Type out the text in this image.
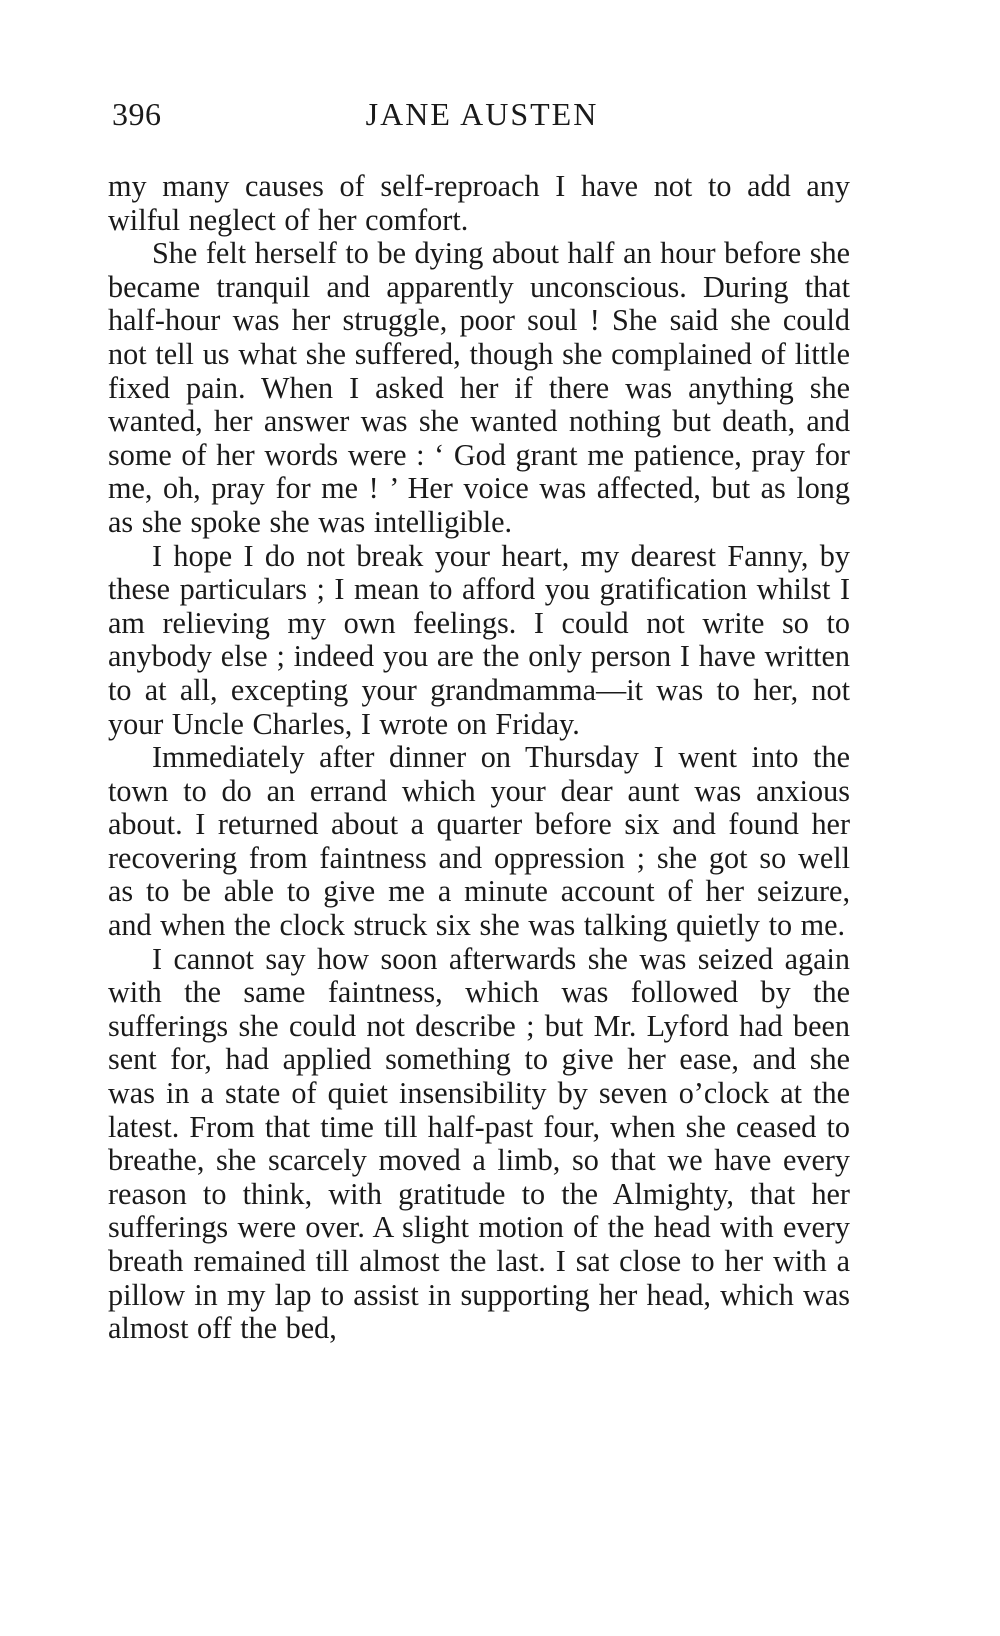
396	JANE AUSTEN

my many causes of self-reproach I have not to add any wilful neglect of her comfort.

She felt herself to be dying about half an hour before she became tranquil and apparently unconscious. During that half-hour was her struggle, poor soul ! She said she could not tell us what she suffered, though she complained of little fixed pain. When I asked her if there was anything she wanted, her answer was she wanted nothing but death, and some of her words were : ‘ God grant me patience, pray for me, oh, pray for me ! ’ Her voice was affected, but as long as she spoke she was intelligible.

I hope I do not break your heart, my dearest Fanny, by these particulars ; I mean to afford you gratification whilst I am relieving my own feelings. I could not write so to anybody else ; indeed you are the only person I have written to at all, excepting your grandmamma—it was to her, not your Uncle Charles, I wrote on Friday.

Immediately after dinner on Thursday I went into the town to do an errand which your dear aunt was anxious about. I returned about a quarter before six and found her recovering from faintness and oppression ; she got so well as to be able to give me a minute account of her seizure, and when the clock struck six she was talking quietly to me.

I cannot say how soon afterwards she was seized again with the same faintness, which was followed by the sufferings she could not describe ; but Mr. Lyford had been sent for, had applied something to give her ease, and she was in a state of quiet insensibility by seven o’clock at the latest. From that time till half-past four, when she ceased to breathe, she scarcely moved a limb, so that we have every reason to think, with gratitude to the Almighty, that her sufferings were over. A slight motion of the head with every breath remained till almost the last. I sat close to her with a pillow in my lap to assist in supporting her head, which was almost off the bed,
